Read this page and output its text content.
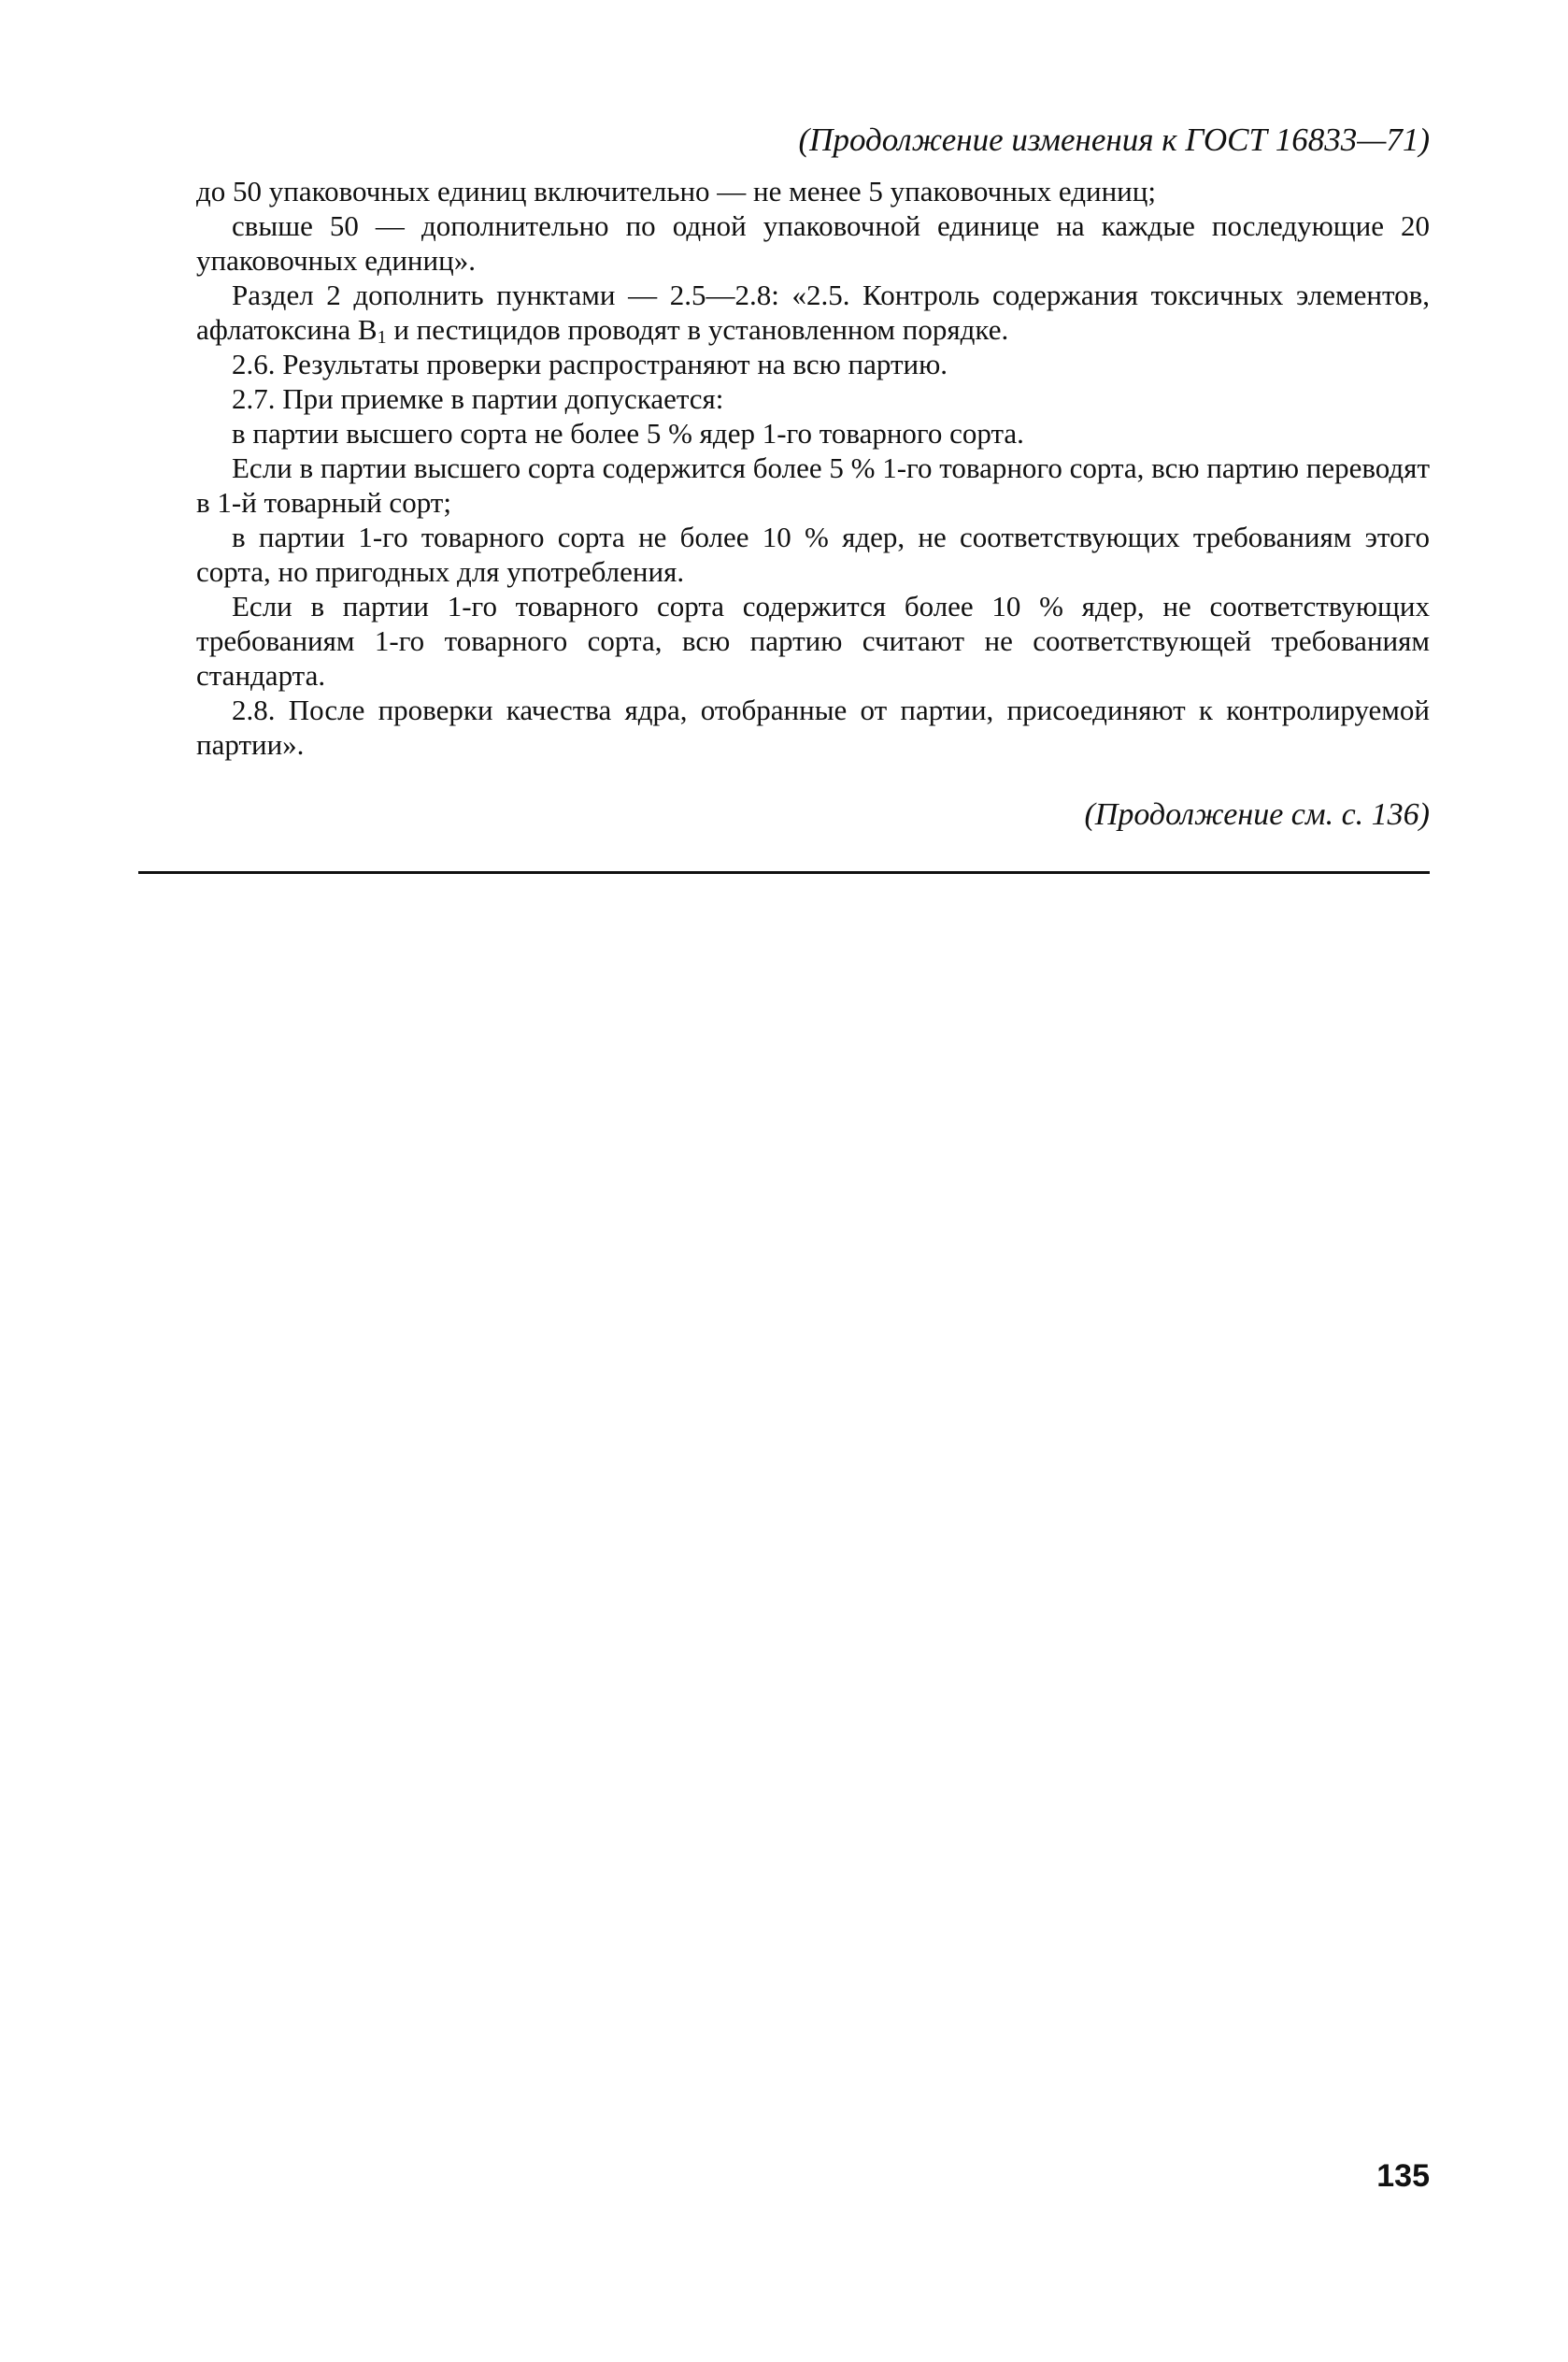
(Продолжение изменения к ГОСТ 16833—71)

до 50 упаковочных единиц включительно — не менее 5 упаковочных единиц;

свыше 50 — дополнительно по одной упаковочной единице на каждые последующие 20 упаковочных единиц».

Раздел 2 дополнить пунктами — 2.5—2.8: «2.5. Контроль содержания токсичных элементов, афлатоксина $B_1$ и пестицидов проводят в установленном порядке.

2.6. Результаты проверки распространяют на всю партию.

2.7. При приемке в партии допускается:

в партии высшего сорта не более 5 % ядер 1-го товарного сорта.

Если в партии высшего сорта содержится более 5 % 1-го товарного сорта, всю партию переводят в 1-й товарный сорт;

в партии 1-го товарного сорта не более 10 % ядер, не соответствующих требованиям этого сорта, но пригодных для употребления.

Если в партии 1-го товарного сорта содержится более 10 % ядер, не соответствующих требованиям 1-го товарного сорта, всю партию считают не соответствующей требованиям стандарта.

2.8. После проверки качества ядра, отобранные от партии, присоединяют к контролируемой партии».

(Продолжение см. с. 136)
135
